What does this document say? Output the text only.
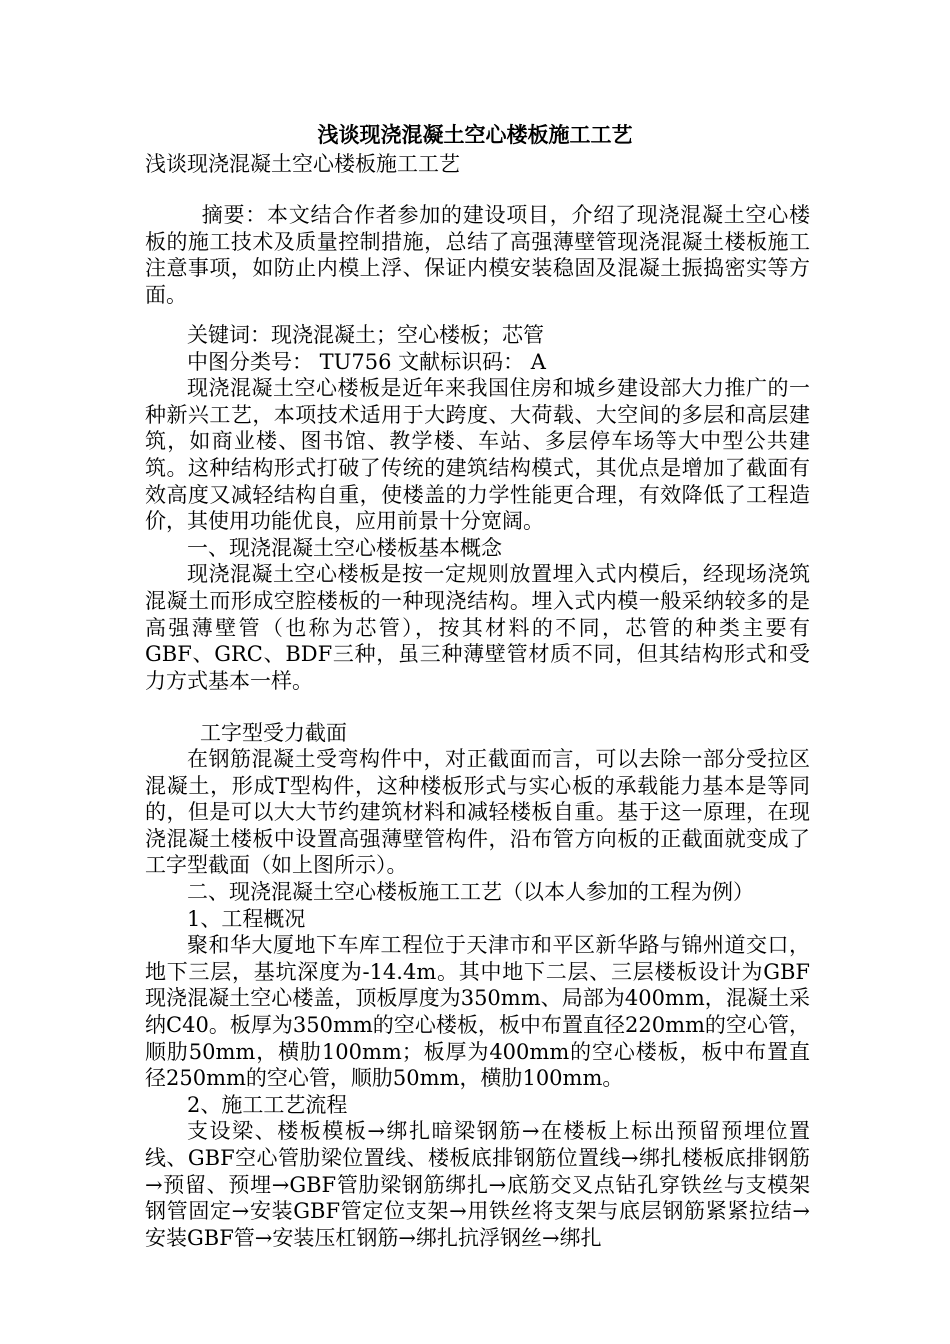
浅谈现浇混凝土空心楼板施工工艺
浅谈现浇混凝土空心楼板施工工艺

摘要：本文结合作者参加的建设项目，介绍了现浇混凝土空心楼板的施工技术及质量控制措施，总结了高强薄壁管现浇混凝土楼板施工注意事项，如防止内模上浮、保证内模安装稳固及混凝土振捣密实等方面。

关键词：现浇混凝土；空心楼板；芯管

中图分类号： TU756 文献标识码： A

现浇混凝土空心楼板是近年来我国住房和城乡建设部大力推广的一种新兴工艺，本项技术适用于大跨度、大荷载、大空间的多层和高层建筑，如商业楼、图书馆、教学楼、车站、多层停车场等大中型公共建筑。这种结构形式打破了传统的建筑结构模式，其优点是增加了截面有效高度又减轻结构自重，使楼盖的力学性能更合理，有效降低了工程造价，其使用功能优良，应用前景十分宽阔。

一、现浇混凝土空心楼板基本概念

现浇混凝土空心楼板是按一定规则放置埋入式内模后，经现场浇筑混凝土而形成空腔楼板的一种现浇结构。埋入式内模一般采纳较多的是高强薄壁管（也称为芯管），按其材料的不同，芯管的种类主要有GBF、GRC、BDF三种，虽三种薄壁管材质不同，但其结构形式和受力方式基本一样。

工字型受力截面

在钢筋混凝土受弯构件中，对正截面而言，可以去除一部分受拉区混凝土，形成T型构件，这种楼板形式与实心板的承载能力基本是等同的，但是可以大大节约建筑材料和减轻楼板自重。基于这一原理，在现浇混凝土楼板中设置高强薄壁管构件，沿布管方向板的正截面就变成了工字型截面（如上图所示）。

二、现浇混凝土空心楼板施工工艺（以本人参加的工程为例）

1、工程概况

聚和华大厦地下车库工程位于天津市和平区新华路与锦州道交口，地下三层，基坑深度为-14.4m。其中地下二层、三层楼板设计为GBF现浇混凝土空心楼盖，顶板厚度为350mm、局部为400mm，混凝土采纳C40。板厚为350mm的空心楼板，板中布置直径220mm的空心管，顺肋50mm，横肋100mm；板厚为400mm的空心楼板，板中布置直径250mm的空心管，顺肋50mm，横肋100mm。

2、施工工艺流程

支设梁、楼板模板→绑扎暗梁钢筋→在楼板上标出预留预埋位置线、GBF空心管肋梁位置线、楼板底排钢筋位置线→绑扎楼板底排钢筋→预留、预埋→GBF管肋梁钢筋绑扎→底筋交叉点钻孔穿铁丝与支模架钢管固定→安装GBF管定位支架→用铁丝将支架与底层钢筋紧紧拉结→安装GBF管→安装压杠钢筋→绑扎抗浮钢丝→绑扎
